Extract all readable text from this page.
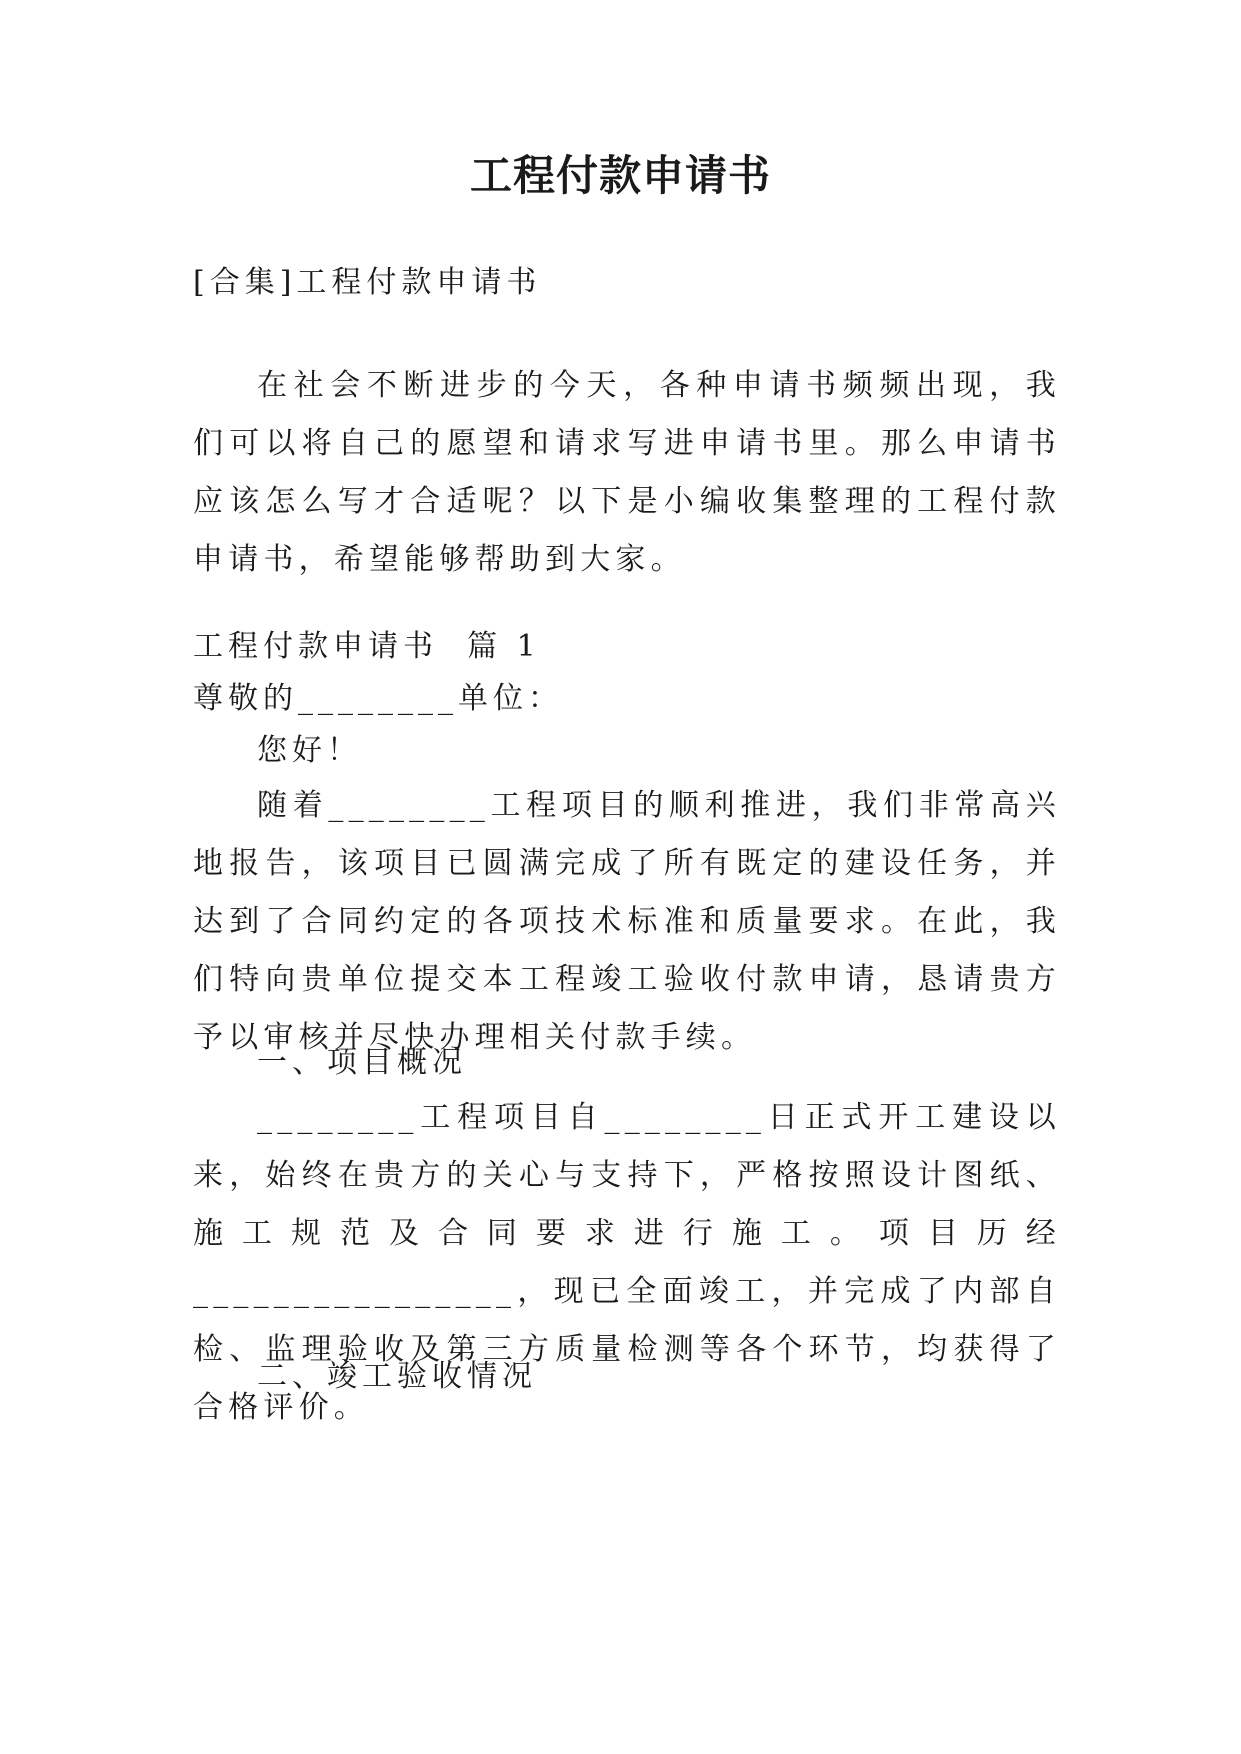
工程付款申请书
[合集]工程付款申请书

在社会不断进步的今天，各种申请书频频出现，我们可以将自己的愿望和请求写进申请书里。那么申请书应该怎么写才合适呢？以下是小编收集整理的工程付款申请书，希望能够帮助到大家。

工程付款申请书  篇 1
尊敬的________单位：
您好！

随着________工程项目的顺利推进，我们非常高兴地报告，该项目已圆满完成了所有既定的建设任务，并达到了合同约定的各项技术标准和质量要求。在此，我们特向贵单位提交本工程竣工验收付款申请，恳请贵方予以审核并尽快办理相关付款手续。

一、项目概况

________工程项目自________日正式开工建设以来，始终在贵方的关心与支持下，严格按照设计图纸、施工规范及合同要求进行施工。项目历经________________，现已全面竣工，并完成了内部自检、监理验收及第三方质量检测等各个环节，均获得了合格评价。

二、竣工验收情况
